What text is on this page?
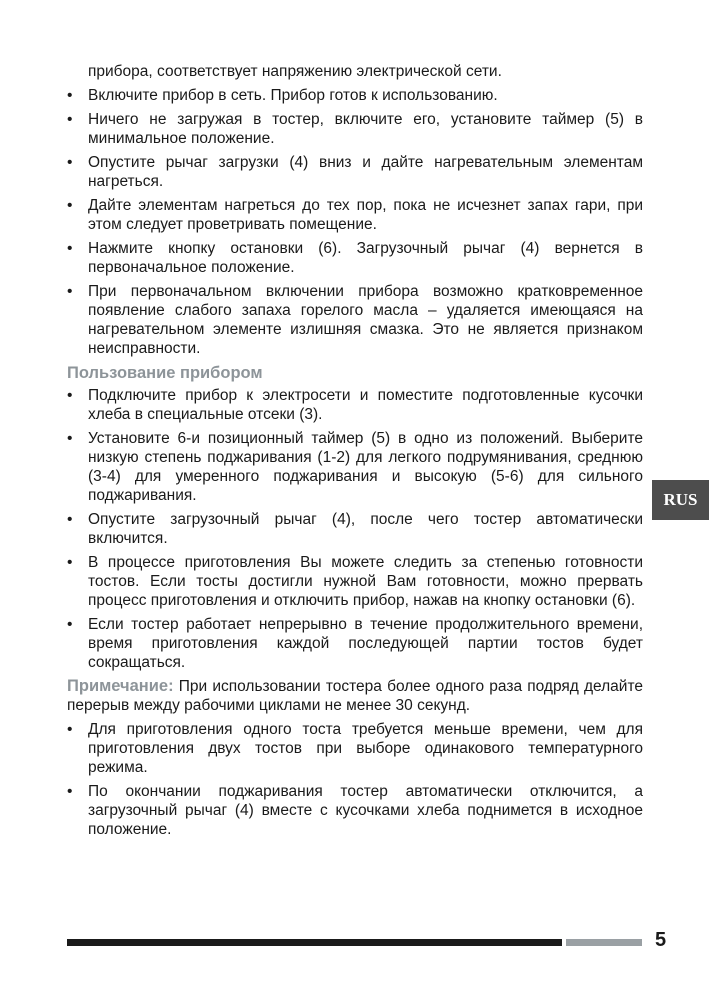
прибора, соответствует напряжению электрической сети.

• Включите прибор в сеть. Прибор готов к использованию.
• Ничего не загружая в тостер, включите его, установите таймер (5) в минимальное положение.
• Опустите рычаг загрузки (4) вниз и дайте нагревательным элементам нагреться.
• Дайте элементам нагреться до тех пор, пока не исчезнет запах гари, при этом следует проветривать помещение.
• Нажмите кнопку остановки (6). Загрузочный рычаг (4) вернется в первоначальное положение.
• При первоначальном включении прибора возможно кратковременное появление слабого запаха горелого масла – удаляется имеющаяся на нагревательном элементе излишняя смазка. Это не является признаком неисправности.
Пользование прибором
• Подключите прибор к электросети и поместите подготовленные кусочки хлеба в специальные отсеки (3).
• Установите 6-и позиционный таймер (5) в одно из положений. Выберите низкую степень поджаривания (1-2) для легкого подрумянивания, среднюю (3-4) для умеренного поджаривания и высокую (5-6) для сильного поджаривания.
• Опустите загрузочный рычаг (4), после чего тостер автоматически включится.
• В процессе приготовления Вы можете следить за степенью готовности тостов. Если тосты достигли нужной Вам готовности, можно прервать процесс приготовления и отключить прибор, нажав на кнопку остановки (6).
• Если тостер работает непрерывно в течение продолжительного времени, время приготовления каждой последующей партии тостов будет сокращаться.

Примечание: При использовании тостера более одного раза подряд делайте перерыв между рабочими циклами не менее 30 секунд.

• Для приготовления одного тоста требуется меньше времени, чем для приготовления двух тостов при выборе одинакового температурного режима.
• По окончании поджаривания тостер автоматически отключится, а загрузочный рычаг (4) вместе с кусочками хлеба поднимется в исходное положение.
RUS
5
